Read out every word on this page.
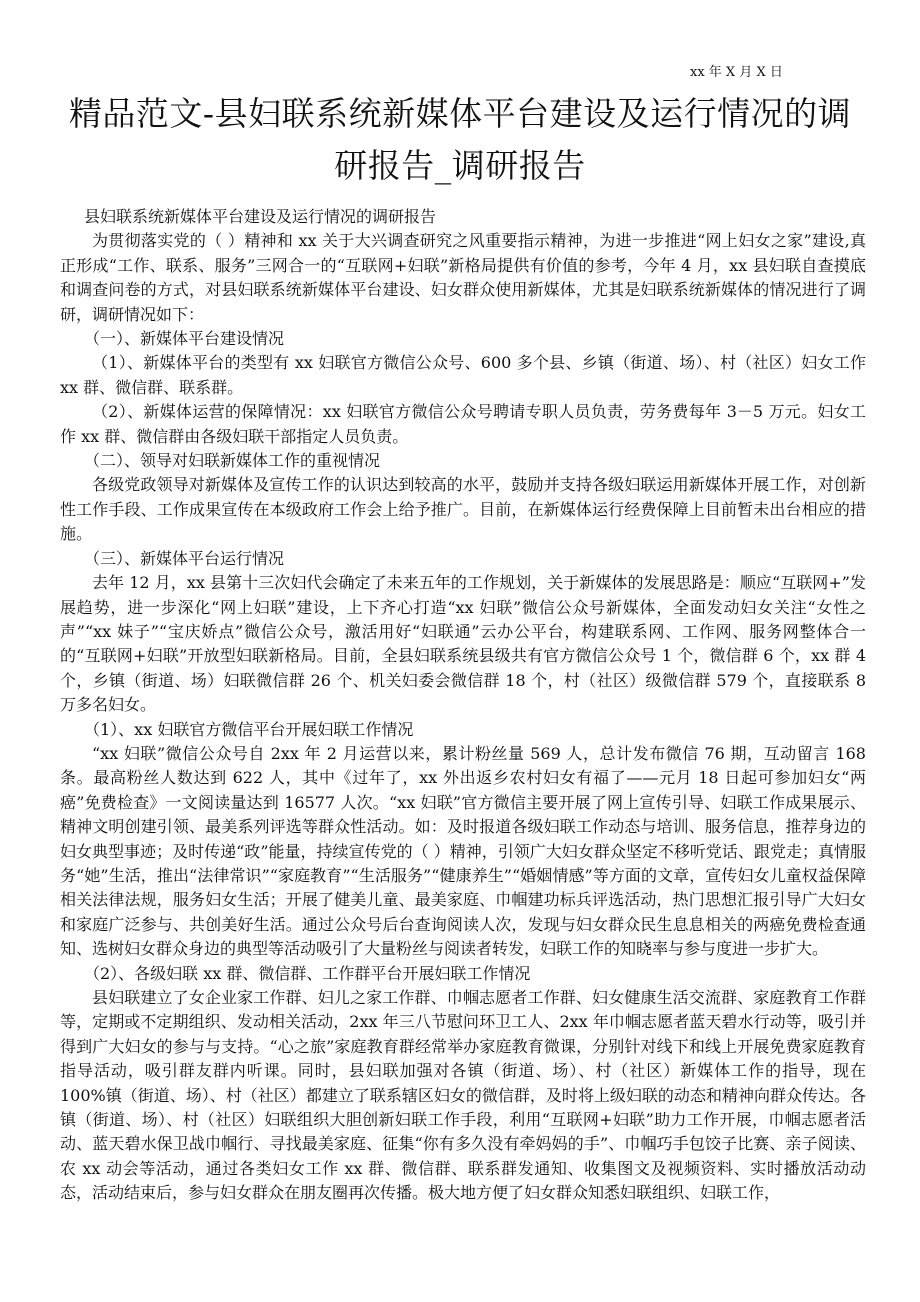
xx 年 X 月 X 日
精品范文-县妇联系统新媒体平台建设及运行情况的调
研报告_调研报告

县妇联系统新媒体平台建设及运行情况的调研报告

为贯彻落实党的（ ）精神和 xx 关于大兴调查研究之风重要指示精神，为进一步推进“网上妇女之家”建设,真正形成“工作、联系、服务”三网合一的“互联网+妇联”新格局提供有价值的参考，今年 4 月，xx 县妇联自查摸底和调查问卷的方式，对县妇联系统新媒体平台建设、妇女群众使用新媒体，尤其是妇联系统新媒体的情况进行了调研，调研情况如下：

（一）、新媒体平台建设情况

（1）、新媒体平台的类型有 xx 妇联官方微信公众号、600 多个县、乡镇（街道、场）、村（社区）妇女工作 xx 群、微信群、联系群。

（2）、新媒体运营的保障情况：xx 妇联官方微信公众号聘请专职人员负责，劳务费每年 3－5 万元。妇女工作 xx 群、微信群由各级妇联干部指定人员负责。

（二）、领导对妇联新媒体工作的重视情况

各级党政领导对新媒体及宣传工作的认识达到较高的水平，鼓励并支持各级妇联运用新媒体开展工作，对创新性工作手段、工作成果宣传在本级政府工作会上给予推广。目前，在新媒体运行经费保障上目前暂未出台相应的措施。

（三）、新媒体平台运行情况

去年 12 月，xx 县第十三次妇代会确定了未来五年的工作规划，关于新媒体的发展思路是：顺应“互联网+”发展趋势，进一步深化“网上妇联”建设，上下齐心打造“xx 妇联”微信公众号新媒体，全面发动妇女关注“女性之声”“xx 妹子”“宝庆娇点”微信公众号，激活用好“妇联通”云办公平台，构建联系网、工作网、服务网整体合一的“互联网+妇联”开放型妇联新格局。目前，全县妇联系统县级共有官方微信公众号 1 个，微信群 6 个，xx 群 4 个，乡镇（街道、场）妇联微信群 26 个、机关妇委会微信群 18 个，村（社区）级微信群 579 个，直接联系 8 万多名妇女。

（1）、xx 妇联官方微信平台开展妇联工作情况

“xx 妇联”微信公众号自 2xx 年 2 月运营以来，累计粉丝量 569 人，总计发布微信 76 期，互动留言 168 条。最高粉丝人数达到 622 人，其中《过年了，xx 外出返乡农村妇女有福了——元月 18 日起可参加妇女“两癌”免费检查》一文阅读量达到 16577 人次。“xx 妇联”官方微信主要开展了网上宣传引导、妇联工作成果展示、精神文明创建引领、最美系列评选等群众性活动。如：及时报道各级妇联工作动态与培训、服务信息，推荐身边的妇女典型事迹；及时传递“政”能量，持续宣传党的（ ）精神，引领广大妇女群众坚定不移听党话、跟党走；真情服务“她”生活，推出“法律常识”“家庭教育”“生活服务”“健康养生”“婚姻情感”等方面的文章，宣传妇女儿童权益保障相关法律法规，服务妇女生活；开展了健美儿童、最美家庭、巾帼建功标兵评选活动，热门思想汇报引导广大妇女和家庭广泛参与、共创美好生活。通过公众号后台查询阅读人次，发现与妇女群众民生息息相关的两癌免费检查通知、选树妇女群众身边的典型等活动吸引了大量粉丝与阅读者转发，妇联工作的知晓率与参与度进一步扩大。

（2）、各级妇联 xx 群、微信群、工作群平台开展妇联工作情况

县妇联建立了女企业家工作群、妇儿之家工作群、巾帼志愿者工作群、妇女健康生活交流群、家庭教育工作群等，定期或不定期组织、发动相关活动，2xx 年三八节慰问环卫工人、2xx 年巾帼志愿者蓝天碧水行动等，吸引并得到广大妇女的参与与支持。“心之旅”家庭教育群经常举办家庭教育微课，分别针对线下和线上开展免费家庭教育指导活动，吸引群友群内听课。同时，县妇联加强对各镇（街道、场）、村（社区）新媒体工作的指导，现在 100%镇（街道、场）、村（社区）都建立了联系辖区妇女的微信群，及时将上级妇联的动态和精神向群众传达。各镇（街道、场）、村（社区）妇联组织大胆创新妇联工作手段，利用“互联网+妇联”助力工作开展，巾帼志愿者活动、蓝天碧水保卫战巾帼行、寻找最美家庭、征集“你有多久没有牵妈妈的手”、巾帼巧手包饺子比赛、亲子阅读、农 xx 动会等活动，通过各类妇女工作 xx 群、微信群、联系群发通知、收集图文及视频资料、实时播放活动动态，活动结束后，参与妇女群众在朋友圈再次传播。极大地方便了妇女群众知悉妇联组织、妇联工作，
